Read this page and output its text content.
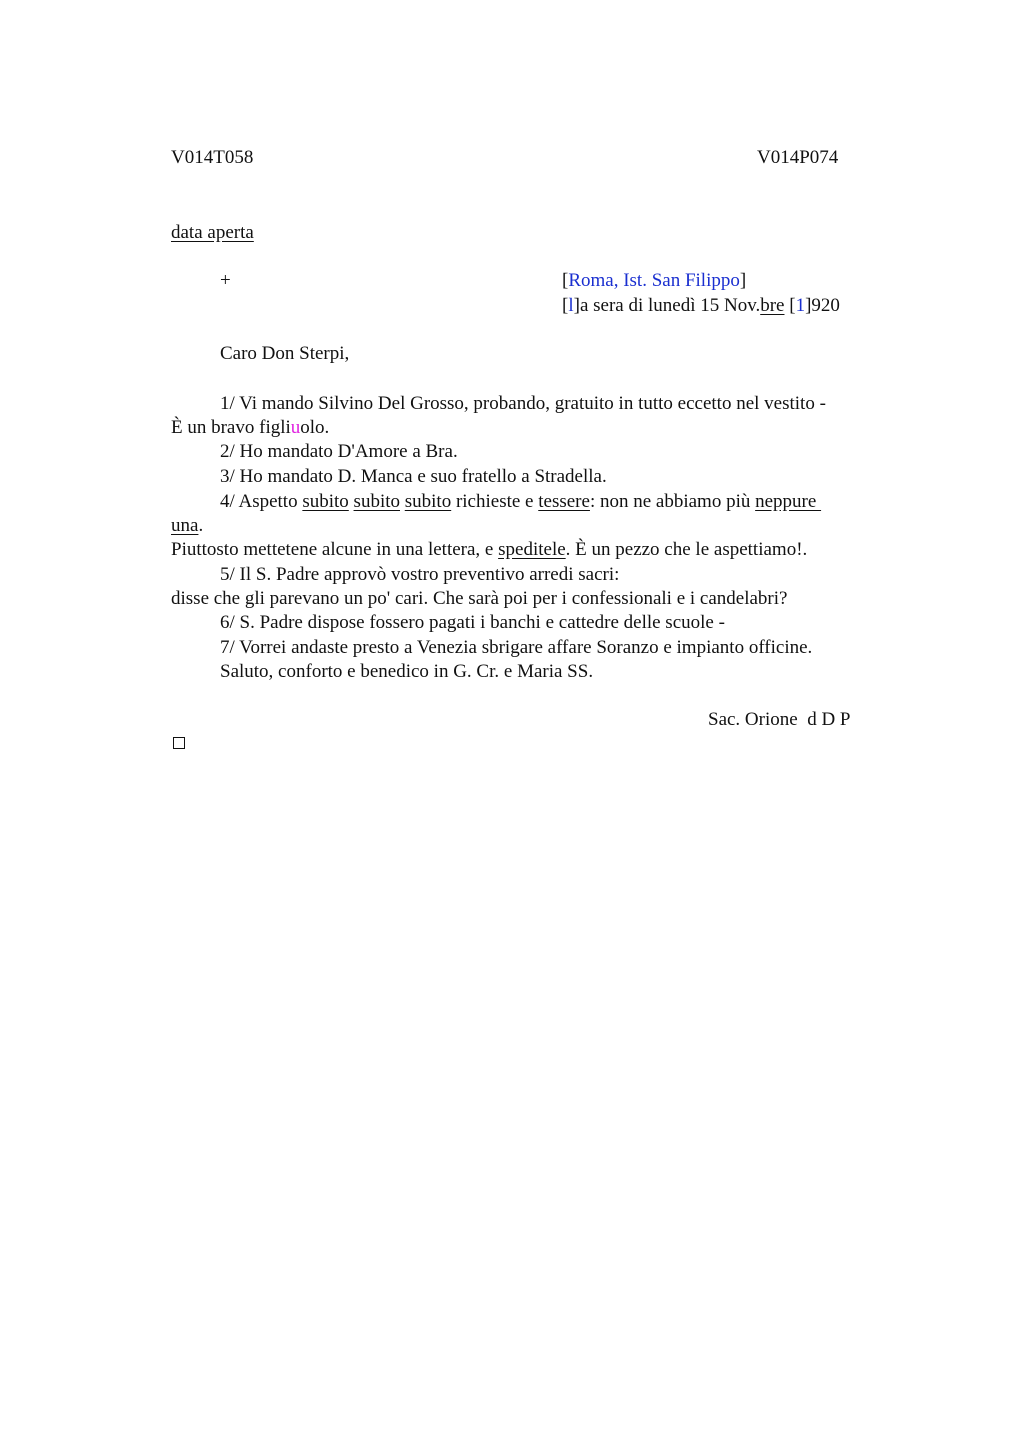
V014T058	V014P074
data aperta
+	[Roma, Ist. San Filippo]
[l]a sera di lunedì 15 Nov.bre [1]920
Caro Don Sterpi,
1/ Vi mando Silvino Del Grosso, probando, gratuito in tutto eccetto nel vestito -
È un bravo figliuolo.
2/ Ho mandato D'Amore a Bra.
3/ Ho mandato D. Manca e suo fratello a Stradella.
4/ Aspetto subito subito subito richieste e tessere: non ne abbiamo più neppure
una.
Piuttosto mettetene alcune in una lettera, e speditele. È un pezzo che le aspettiamo!.
5/ Il S. Padre approvò vostro preventivo arredi sacri:
disse che gli parevano un po' cari. Che sarà poi per i confessionali e i candelabri?
6/ S. Padre dispose fossero pagati i banchi e cattedre delle scuole -
7/ Vorrei andaste presto a Venezia sbrigare affare Soranzo e impianto officine.
Saluto, conforto e benedico in G. Cr. e Maria SS.
Sac. Orione  d D P
